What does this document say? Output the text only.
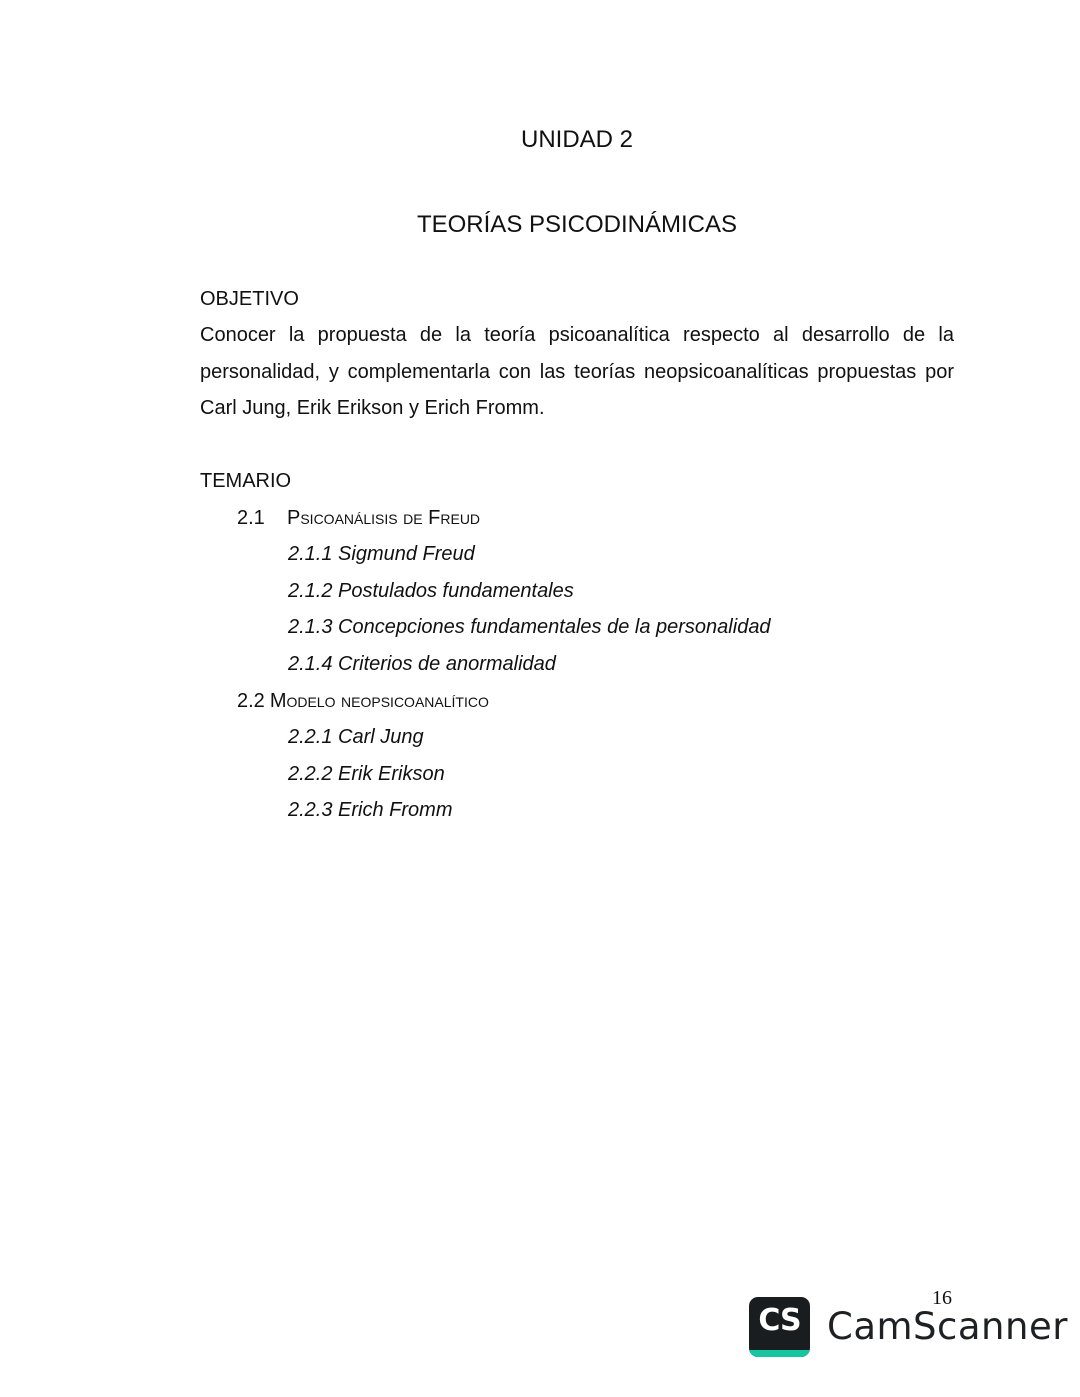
UNIDAD 2
TEORÍAS PSICODINÁMICAS
OBJETIVO
Conocer la propuesta de la teoría psicoanalítica respecto al desarrollo de la personalidad, y complementarla con las teorías neopsicoanalíticas propuestas por Carl Jung, Erik Erikson y Erich Fromm.
TEMARIO
2.1 Psicoanálisis de Freud
2.1.1 Sigmund Freud
2.1.2 Postulados fundamentales
2.1.3 Concepciones fundamentales de la personalidad
2.1.4 Criterios de anormalidad
2.2 Modelo neopsicoanalítico
2.2.1 Carl Jung
2.2.2 Erik Erikson
2.2.3 Erich Fromm
16
CS CamScanner
